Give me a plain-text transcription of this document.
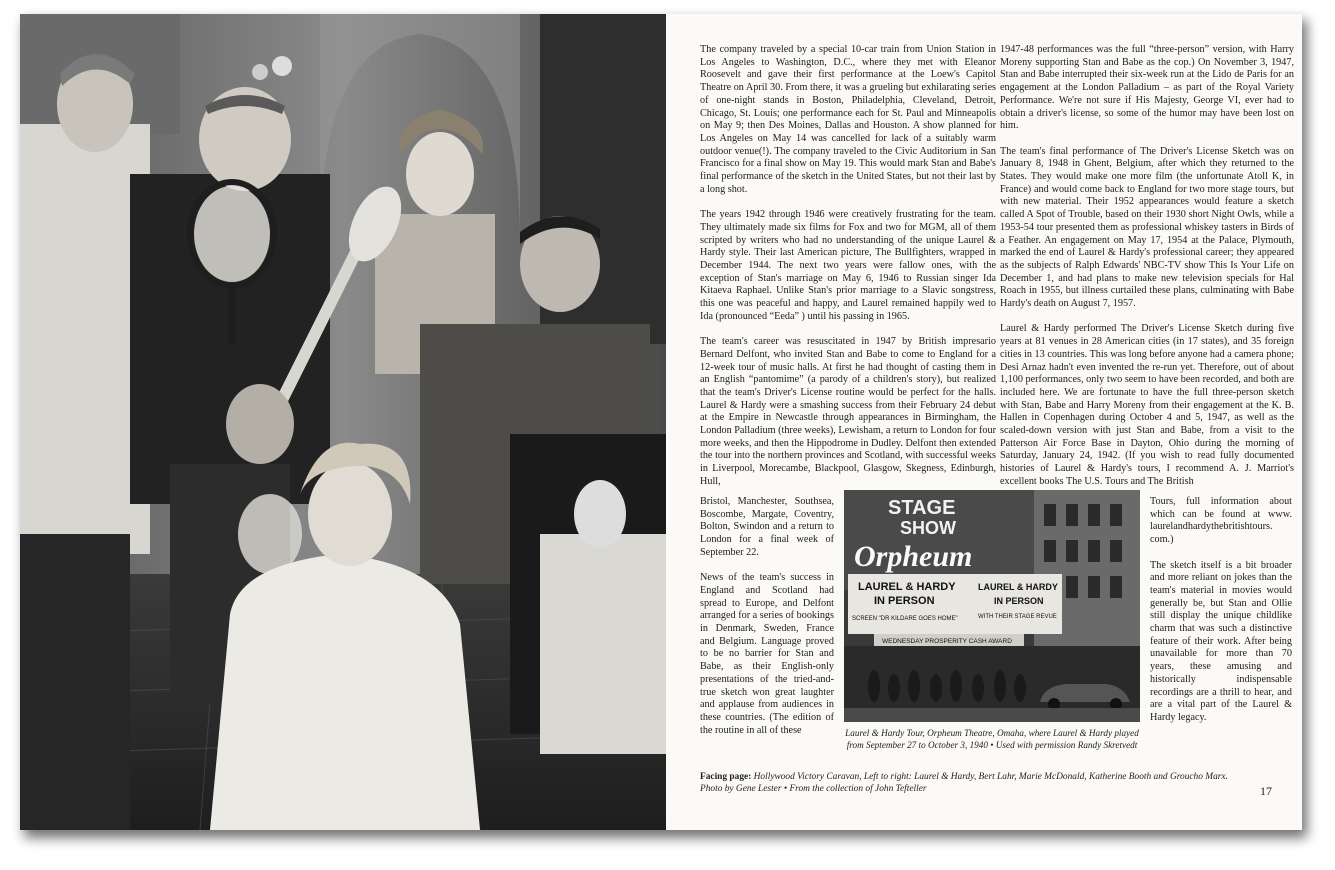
The company traveled by a special 10-car train from Union Station in Los Angeles to Washington, D.C., where they met with Eleanor Roosevelt and gave their first performance at the Loew's Capitol Theatre on April 30. From there, it was a grueling but exhilarating series of one-night stands in Boston, Philadelphia, Cleveland, Detroit, Chicago, St. Louis; one performance each for St. Paul and Minneapolis on May 9; then Des Moines, Dallas and Houston. A show planned for Los Angeles on May 14 was cancelled for lack of a suitably warm outdoor venue(!). The company traveled to the Civic Auditorium in San Francisco for a final show on May 19. This would mark Stan and Babe's final performance of the sketch in the United States, but not their last by a long shot.

The years 1942 through 1946 were creatively frustrating for the team. They ultimately made six films for Fox and two for MGM, all of them scripted by writers who had no understanding of the unique Laurel & Hardy style. Their last American picture, The Bullfighters, wrapped in December 1944. The next two years were fallow ones, with the exception of Stan's marriage on May 6, 1946 to Russian singer Ida Kitaeva Raphael. Unlike Stan's prior marriage to a Slavic songstress, this one was peaceful and happy, and Laurel remained happily wed to Ida (pronounced “Eeda” ) until his passing in 1965.

The team's career was resuscitated in 1947 by British impresario Bernard Delfont, who invited Stan and Babe to come to England for a 12-week tour of music halls. At first he had thought of casting them in an English “pantomime” (a parody of a children's story), but realized that the team's Driver's License routine would be perfect for the halls. Laurel & Hardy were a smashing success from their February 24 debut at the Empire in Newcastle through appearances in Birmingham, the London Palladium (three weeks), Lewisham, a return to London for four more weeks, and then the Hippodrome in Dudley. Delfont then extended the tour into the northern provinces and Scotland, with successful weeks in Liverpool, Morecambe, Blackpool, Glasgow, Skegness, Edinburgh, Hull,

Bristol, Manchester, Southsea, Boscombe, Margate, Coventry, Bolton, Swindon and a return to London for a final week of September 22.

News of the team's success in England and Scotland had spread to Europe, and Delfont arranged for a series of bookings in Denmark, Sweden, France and Belgium. Language proved to be no barrier for Stan and Babe, as their English-only presentations of the tried-and-true sketch won great laughter and applause from audiences in these countries. (The edition of the routine in all of these

1947-48 performances was the full “three-person” version, with Harry Moreny supporting Stan and Babe as the cop.) On November 3, 1947, Stan and Babe interrupted their six-week run at the Lido de Paris for an engagement at the London Palladium – as part of the Royal Variety Performance. We're not sure if His Majesty, George VI, ever had to obtain a driver's license, so some of the humor may have been lost on him.

The team's final performance of The Driver's License Sketch was on January 8, 1948 in Ghent, Belgium, after which they returned to the States. They would make one more film (the unfortunate Atoll K, in France) and would come back to England for two more stage tours, but with new material. Their 1952 appearances would feature a sketch called A Spot of Trouble, based on their 1930 short Night Owls, while a 1953-54 tour presented them as professional whiskey tasters in Birds of a Feather. An engagement on May 17, 1954 at the Palace, Plymouth, marked the end of Laurel & Hardy's professional career; they appeared as the subjects of Ralph Edwards' NBC-TV show This Is Your Life on December 1, and had plans to make new television specials for Hal Roach in 1955, but illness curtailed these plans, culminating with Babe Hardy's death on August 7, 1957.

Laurel & Hardy performed The Driver's License Sketch during five years at 81 venues in 28 American cities (in 17 states), and 35 foreign cities in 13 countries. This was long before anyone had a camera phone; Desi Arnaz hadn't even invented the re-run yet. Therefore, out of about 1,100 performances, only two seem to have been recorded, and both are included here. We are fortunate to have the full three-person sketch with Stan, Babe and Harry Moreny from their engagement at the K. B. Hallen in Copenhagen during October 4 and 5, 1947, as well as the scaled-down version with just Stan and Babe, from a visit to the Patterson Air Force Base in Dayton, Ohio during the morning of Saturday, January 24, 1942. (If you wish to read fully documented histories of Laurel & Hardy's tours, I recommend A. J. Marriot's excellent books The U.S. Tours and The British

Tours, full information about which can be found at www. laurelandhardythebritishtours. com.)

The sketch itself is a bit broader and more reliant on jokes than the team's material in movies would generally be, but Stan and Ollie still display the unique childlike charm that was such a distinctive feature of their work. After being unavailable for more than 70 years, these amusing and historically indispensable recordings are a thrill to hear, and are a vital part of the Laurel & Hardy legacy.

STAGE
SHOW
Orpheum
LAUREL & HARDY
IN PERSON
SCREEN "DR KILDARE GOES HOME"
LAUREL & HARDY
IN PERSON
WITH THEIR STAGE REVUE
WEDNESDAY PROSPERITY CASH AWARD
Laurel & Hardy Tour, Orpheum Theatre, Omaha, where Laurel & Hardy played
from September 27 to October 3, 1940 • Used with permission Randy Skretvedt
Facing page: Hollywood Victory Caravan, Left to right: Laurel & Hardy, Bert Lahr, Marie McDonald, Katherine Booth and Groucho Marx.
Photo by Gene Lester • From the collection of John Tefteller	17
